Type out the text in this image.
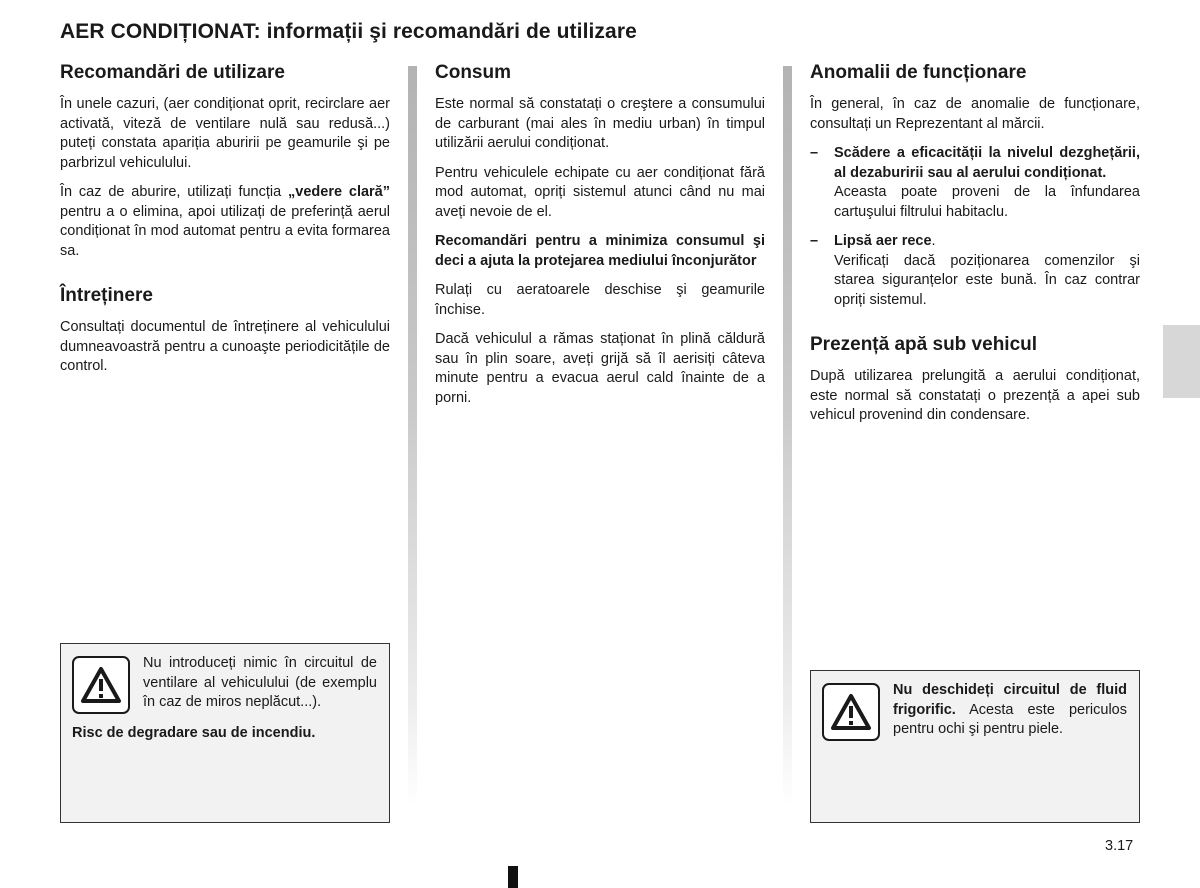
AER CONDIȚIONAT: informații şi recomandări de utilizare
Recomandări de utilizare

În unele cazuri, (aer condiționat oprit, recirclare aer activată, viteză de ventilare nulă sau redusă...) puteți constata apariția aburirii pe geamurile şi pe parbrizul vehiculului.

În caz de aburire, utilizați funcția „vedere clară” pentru a o elimina, apoi utilizați de preferință aerul condiționat în mod automat pentru a evita formarea sa.

Întreținere

Consultați documentul de întreținere al vehiculului dumneavoastră pentru a cunoaşte periodicitățile de control.

Consum

Este normal să constatați o creştere a consumului de carburant (mai ales în mediu urban) în timpul utilizării aerului condiționat.

Pentru vehiculele echipate cu aer condiționat fără mod automat, opriți sistemul atunci când nu mai aveți nevoie de el.

Recomandări pentru a minimiza consumul şi deci a ajuta la protejarea mediului înconjurător

Rulați cu aeratoarele deschise şi geamurile închise.

Dacă vehiculul a rămas staționat în plină căldură sau în plin soare, aveți grijă să îl aerisiți câteva minute pentru a evacua aerul cald înainte de a porni.

Anomalii de funcționare

În general, în caz de anomalie de funcționare, consultați un Reprezentant al mărcii.

–	Scădere a eficacității la nivelul dezghețării, al dezaburirii sau al aerului condiționat.
Aceasta poate proveni de la înfundarea cartuşului filtrului habitaclu.
–	Lipsă aer rece.
Verificați dacă poziționarea comenzilor şi starea siguranțelor este bună. În caz contrar opriți sistemul.
Prezență apă sub vehicul

După utilizarea prelungită a aerului condiționat, este normal să constatați o prezență a apei sub vehicul provenind din condensare.

Nu introduceți nimic în circuitul de ventilare al vehiculului (de exemplu în caz de miros neplăcut...).
Risc de degradare sau de incendiu.
Nu deschideți circuitul de fluid frigorific. Acesta este periculos pentru ochi şi pentru piele.
3.17
